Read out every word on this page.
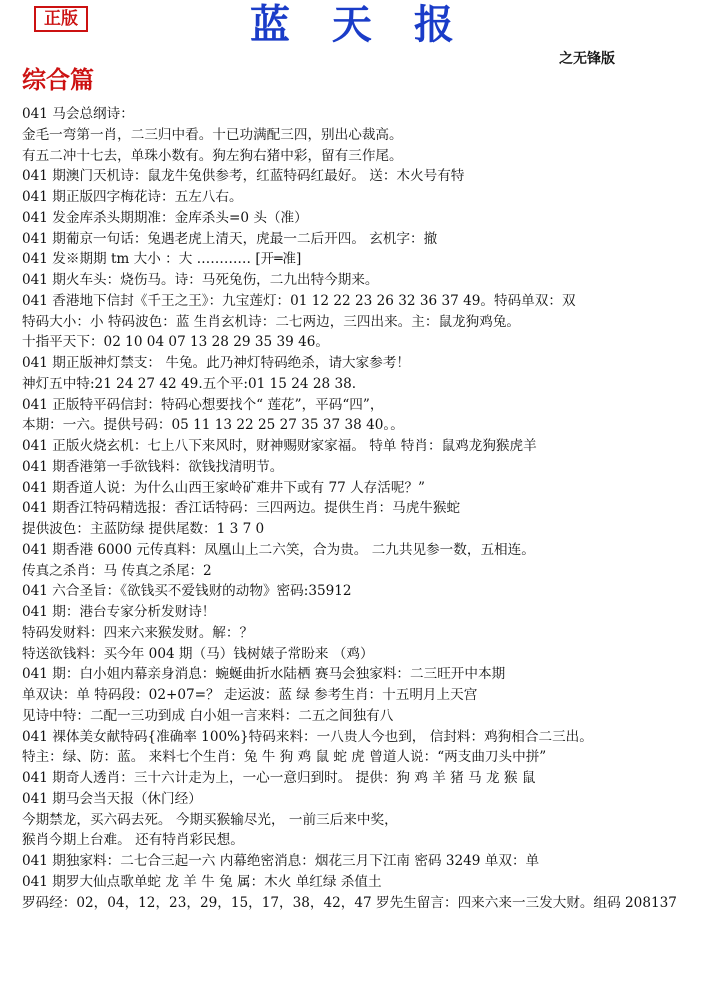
正版	蓝 天 报
之无锋版
综合篇
041 马会总纲诗：
金毛一弯第一肖，二三归中看。十已功满配三四，别出心裁高。
有五二冲十七去，单珠小数有。狗左狗右猪中彩，留有三作尾。
041 期澳门天机诗：鼠龙牛兔供参考，红蓝特码红最好。 送：木火号有特
041 期正版四字梅花诗：五左八右。
041 发金库杀头期期准：金库杀头=0 头（准）
041 期葡京一句话：兔遇老虎上清天，虎最一二后开四。 玄机字：撤
041 发※期期 tm 大小 ：大 ………… [开═准]
041 期火车头：烧伤马。诗：马死兔伤，二九出特今期来。
041 香港地下信封《千王之王》：九宝莲灯：01 12 22 23 26 32 36 37 49。特码单双：双
特码大小：小 特码波色：蓝 生肖玄机诗：二七两边，三四出来。主：鼠龙狗鸡兔。
十指平天下：02 10 04 07 13 28 29 35 39 46。
041 期正版神灯禁支： 牛兔。此乃神灯特码绝杀，请大家参考！
神灯五中特:21 24 27 42 49.五个平:01 15 24 28 38.
041 正版特平码信封：特码心想要找个“ 莲花”，平码“四”，
本期：一六。提供号码：05 11 13 22 25 27 35 37 38 40。。
041 正版火烧玄机：七上八下来风时，财神赐财家家福。 特单 特肖：鼠鸡龙狗猴虎羊
041 期香港第一手欲钱料：欲钱找清明节。
041 期香道人说：为什么山西王家岭矿难井下或有 77 人存活呢？”
041 期香江特码精选报：香江话特码：三四两边。提供生肖：马虎牛猴蛇
提供波色：主蓝防绿 提供尾数：1 3 7 0
041 期香港 6000 元传真料：凤凰山上二六笑，合为贵。 二九共见参一数，五相连。
传真之杀肖：马 传真之杀尾：2
041 六合圣旨：《欲钱买不爱钱财的动物》密码:35912
041 期：港台专家分析发财诗！
特码发财料：四来六来猴发财。解：？
特送欲钱料：买今年 004 期（马）钱树婊子常盼来 （鸡）
041 期：白小姐内幕亲身消息：蜿蜒曲折水陆栖 赛马会独家料：二三旺开中本期
单双诀：单 特码段：02+07=？ 走运波：蓝 绿 参考生肖：十五明月上天宫
见诗中特：二配一三功到成 白小姐一言来料：二五之间独有八
041 裸体美女献特码{准确率 100%}特码来料：一八贵人今也到， 信封料：鸡狗相合二三出。
特主：绿、防：蓝。 来料七个生肖：兔 牛 狗 鸡 鼠 蛇 虎 曾道人说：“两支曲刀头中拼”
041 期奇人透肖：三十六计走为上，一心一意归到时。 提供：狗 鸡 羊 猪 马 龙 猴 鼠
041 期马会当天报（休门经）
今期禁龙，买六码去死。 今期买猴输尽光， 一前三后来中奖，
猴肖今期上台难。 还有特肖彩民想。
041 期独家料：二七合三起一六 内幕绝密消息：烟花三月下江南 密码 3249 单双：单
041 期罗大仙点歌单蛇 龙 羊 牛 兔 属：木火 单红绿 杀值土
罗码经：02，04，12，23，29，15，17，38，42，47 罗先生留言：四来六来一三发大财。组码 208137
